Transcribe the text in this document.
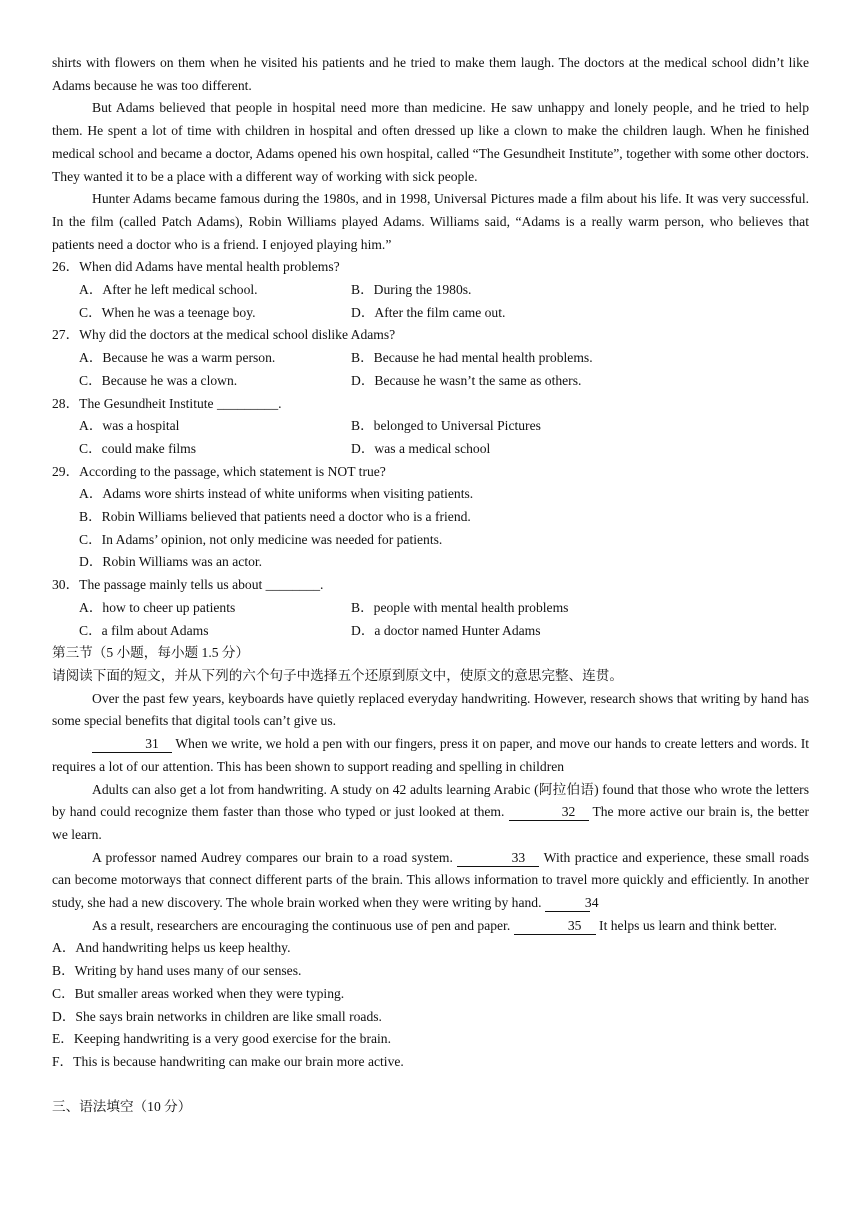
shirts with flowers on them when he visited his patients and he tried to make them laugh. The doctors at the medical school didn’t like Adams because he was too different.

But Adams believed that people in hospital need more than medicine. He saw unhappy and lonely people, and he tried to help them. He spent a lot of time with children in hospital and often dressed up like a clown to make the children laugh. When he finished medical school and became a doctor, Adams opened his own hospital, called “The Gesundheit Institute”, together with some other doctors. They wanted it to be a place with a different way of working with sick people.

Hunter Adams became famous during the 1980s, and in 1998, Universal Pictures made a film about his life. It was very successful. In the film (called Patch Adams), Robin Williams played Adams. Williams said, “Adams is a really warm person, who believes that patients need a doctor who is a friend. I enjoyed playing him.”

26．When did Adams have mental health problems?

A．After he left medical school.	B．During the 1980s.
C．When he was a teenage boy.	D．After the film came out.

27．Why did the doctors at the medical school dislike Adams?

A．Because he was a warm person.	B．Because he had mental health problems.
C．Because he was a clown.	D．Because he wasn’t the same as others.

28．The Gesundheit Institute _________.

A．was a hospital	B．belonged to Universal Pictures
C．could make films	D．was a medical school

29．According to the passage, which statement is NOT true?

A．Adams wore shirts instead of white uniforms when visiting patients.
B．Robin Williams believed that patients need a doctor who is a friend.
C．In Adams’ opinion, not only medicine was needed for patients.
D．Robin Williams was an actor.

30．The passage mainly tells us about ________.

A．how to cheer up patients	B．people with mental health problems
C．a film about Adams	D．a doctor named Hunter Adams

第三节（5 小题，每小题 1.5 分）

请阅读下面的短文，并从下列的六个句子中选择五个还原到原文中，使原文的意思完整、连贯。

Over the past few years, keyboards have quietly replaced everyday handwriting. However, research shows that writing by hand has some special benefits that digital tools can’t give us.

31 When we write, we hold a pen with our fingers, press it on paper, and move our hands to create letters and words. It requires a lot of our attention. This has been shown to support reading and spelling in children

Adults can also get a lot from handwriting. A study on 42 adults learning Arabic (阿拉伯语) found that those who wrote the letters by hand could recognize them faster than those who typed or just looked at them.	32 The more active our brain is, the better we learn.

A professor named Audrey compares our brain to a road system.	33 With practice and experience, these small roads can become motorways that connect different parts of the brain. This allows information to travel more quickly and efficiently. In another study, she had a new discovery. The whole brain worked when they were writing by hand.	34

As a result, researchers are encouraging the continuous use of pen and paper.	35 It helps us learn and think better.

A．And handwriting helps us keep healthy.
B．Writing by hand uses many of our senses.
C．But smaller areas worked when they were typing.
D．She says brain networks in children are like small roads.
E．Keeping handwriting is a very good exercise for the brain.
F．This is because handwriting can make our brain more active.

三、语法填空（10 分）
